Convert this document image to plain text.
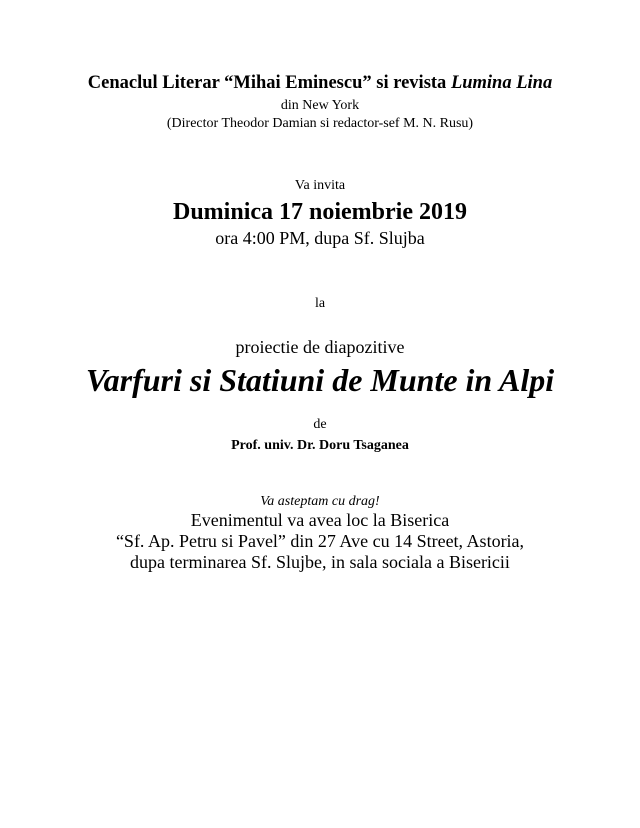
Cenaclul Literar “Mihai Eminescu” si revista Lumina Lina
din New York
(Director Theodor Damian si redactor-sef M. N. Rusu)
Va invita
Duminica 17 noiembrie 2019
ora 4:00 PM, dupa Sf. Slujba
la
proiectie de diapozitive
Varfuri si Statiuni de Munte in Alpi
de
Prof. univ. Dr. Doru Tsaganea
Va asteptam cu drag!
Evenimentul va avea loc la Biserica
“Sf. Ap. Petru si Pavel” din 27 Ave cu 14 Street, Astoria,
dupa terminarea Sf. Slujbe, in sala sociala a Bisericii
